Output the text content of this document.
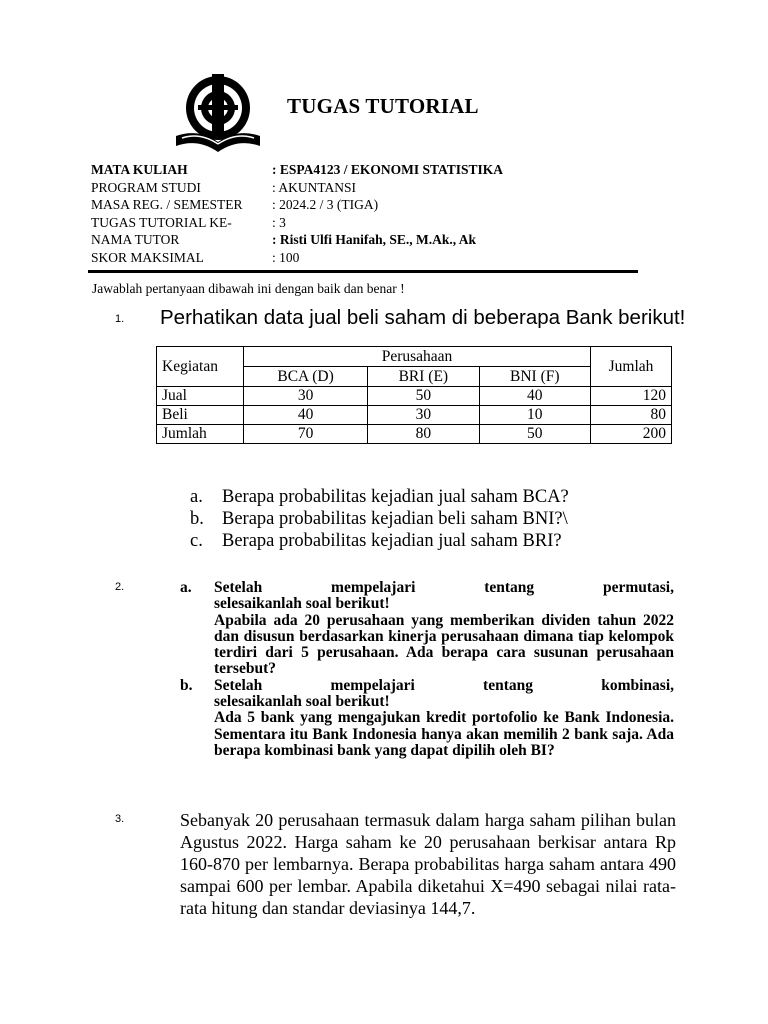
TUGAS TUTORIAL
MATA KULIAH	: ESPA4123 / EKONOMI STATISTIKA
PROGRAM STUDI	: AKUNTANSI
MASA REG. / SEMESTER	: 2024.2 / 3 (TIGA)
TUGAS TUTORIAL KE-	: 3
NAMA TUTOR	: Risti Ulfi Hanifah, SE., M.Ak., Ak
SKOR MAKSIMAL	: 100
Jawablah pertanyaan dibawah ini dengan baik dan benar !
1. Perhatikan data jual beli saham di beberapa Bank berikut!
Kegiatan	Perusahaan			Jumlah
	BCA (D)	BRI (E)	BNI (F)	
Jual	30	50	40	120
Beli	40	30	10	80
Jumlah	70	80	50	200
a.	Berapa probabilitas kejadian jual saham BCA?
b. Berapa probabilitas kejadian beli saham BNI?\
c.	Berapa probabilitas kejadian jual saham BRI?
2.	a.	Setelah mempelajari tentang permutasi,

selesaikanlah soal berikut!

Apabila ada 20 perusahaan yang memberikan dividen tahun 2022 dan disusun berdasarkan kinerja perusahaan dimana tiap kelompok terdiri dari 5 perusahaan. Ada berapa cara susunan perusahaan tersebut?

b.	Setelah mempelajari tentang kombinasi,

selesaikanlah soal berikut!

Ada 5 bank yang mengajukan kredit portofolio ke Bank Indonesia. Sementara itu Bank Indonesia hanya akan memilih 2 bank saja. Ada berapa kombinasi bank yang dapat dipilih oleh BI?

3.	Sebanyak 20 perusahaan termasuk dalam harga saham pilihan bulan Agustus 2022. Harga saham ke 20 perusahaan berkisar antara Rp 160-870 per lembarnya. Berapa probabilitas harga saham antara 490 sampai 600 per lembar. Apabila diketahui X=490 sebagai nilai rata-rata hitung dan standar deviasinya 144,7.
